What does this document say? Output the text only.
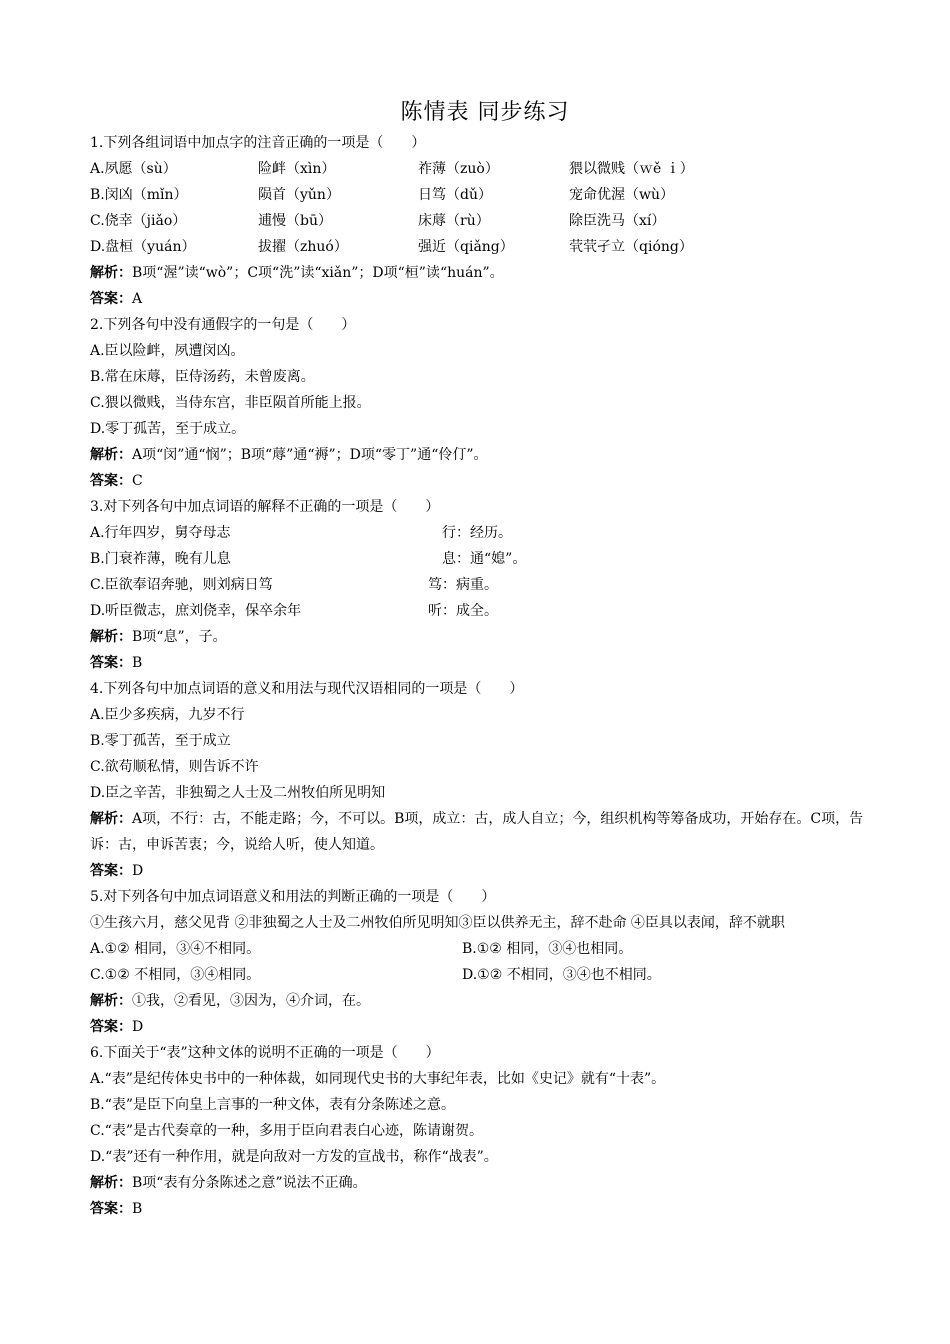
陈情表 同步练习
1.下列各组词语中加点字的注音正确的一项是（　　）
A.夙愿（sù）	险衅（xìn）	祚薄（zuò）	猥以微贱（ｗě ｉ）
B.闵凶（mǐn）	陨首（yǔn）	日笃（dǔ）	宠命优渥（wù）
C.侥幸（jiǎo）	逋慢（bū）	床蓐（rù）	除臣洗马（xí）
D.盘桓（yuán）	拔擢（zhuó）	强近（qiǎng）	茕茕孑立（qióng）
解析：B项“渥”读“wò”；C项“洗”读“xiǎn”；D项“桓”读“huán”。
答案：A
2.下列各句中没有通假字的一句是（　　）
A.臣以险衅，夙遭闵凶。
B.常在床蓐，臣侍汤药，未曾废离。
C.猥以微贱，当侍东宫，非臣陨首所能上报。
D.零丁孤苦，至于成立。
解析：A项“闵”通“悯”；B项“蓐”通“褥”；D项“零丁”通“伶仃”。
答案：C
3.对下列各句中加点词语的解释不正确的一项是（　　）
A.行年四岁，舅夺母志	行：经历。
B.门衰祚薄，晚有儿息	息：通“媳”。
C.臣欲奉诏奔驰，则刘病日笃	笃：病重。
D.听臣微志，庶刘侥幸，保卒余年	听：成全。
解析：B项“息”，子。
答案：B
4.下列各句中加点词语的意义和用法与现代汉语相同的一项是（　　）
A.臣少多疾病，九岁不行
B.零丁孤苦，至于成立
C.欲苟顺私情，则告诉不许
D.臣之辛苦，非独蜀之人士及二州牧伯所见明知
解析：A项，不行：古，不能走路；今，不可以。B项，成立：古，成人自立；今，组织机构等筹备成功，开始存在。C项，告诉：古，申诉苦衷；今，说给人听，使人知道。
答案：D
5.对下列各句中加点词语意义和用法的判断正确的一项是（　　）
①生孩六月，慈父见背 ②非独蜀之人士及二州牧伯所见明知③臣以供养无主，辞不赴命 ④臣具以表闻，辞不就职
A.①② 相同，③④不相同。	B.①② 相同，③④也相同。
C.①② 不相同，③④相同。	D.①② 不相同，③④也不相同。
解析：①我，②看见，③因为，④介词，在。
答案：D
6.下面关于“表”这种文体的说明不正确的一项是（　　）
A.“表”是纪传体史书中的一种体裁，如同现代史书的大事纪年表，比如《史记》就有“十表”。
B.“表”是臣下向皇上言事的一种文体，表有分条陈述之意。
C.“表”是古代奏章的一种，多用于臣向君表白心迹，陈请谢贺。
D.“表”还有一种作用，就是向敌对一方发的宣战书，称作“战表”。
解析：B项“表有分条陈述之意”说法不正确。
答案：B
